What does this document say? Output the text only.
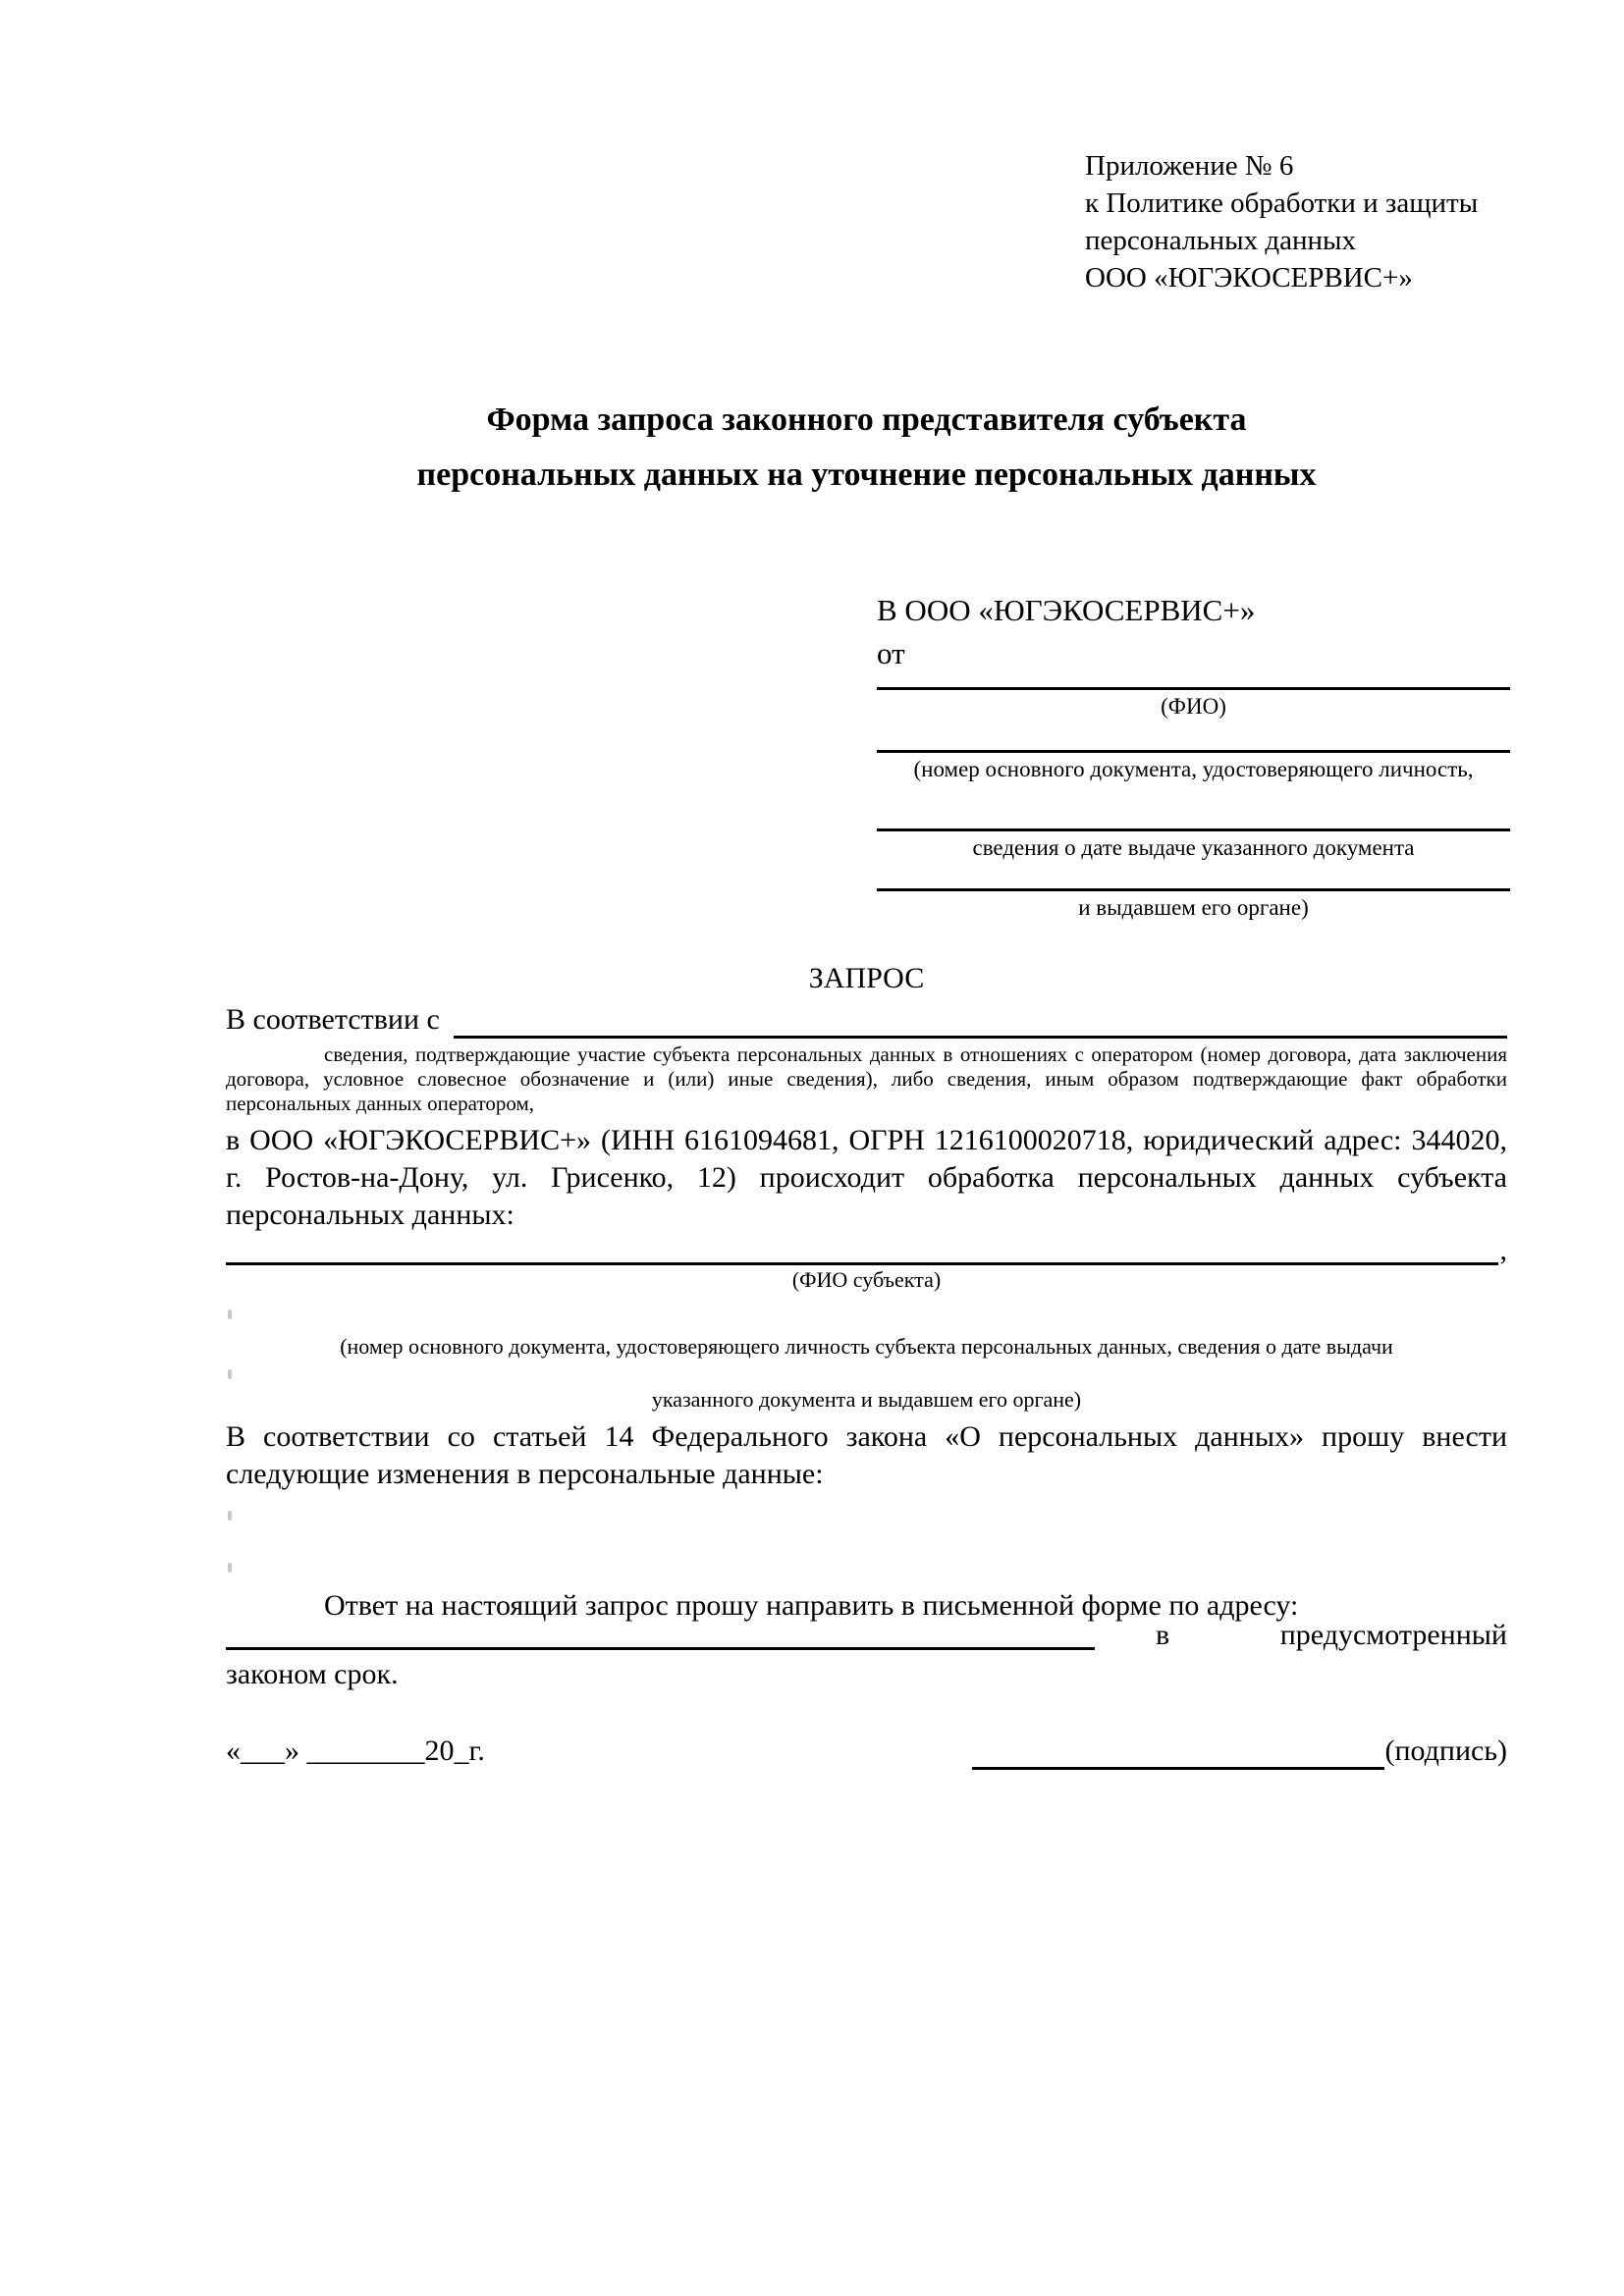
Приложение № 6
к Политике обработки и защиты
персональных данных
ООО «ЮГЭКОСЕРВИС+»
Форма запроса законного представителя субъекта
персональных данных на уточнение персональных данных
В ООО «ЮГЭКОСЕРВИС+»
от
(ФИО)
(номер основного документа, удостоверяющего личность,
сведения о дате выдаче указанного документа
и выдавшем его органе)
ЗАПРОС
В соответствии с
сведения, подтверждающие участие субъекта персональных данных в отношениях с оператором (номер договора, дата заключения договора, условное словесное обозначение и (или) иные сведения), либо сведения, иным образом подтверждающие факт обработки персональных данных оператором,
в ООО «ЮГЭКОСЕРВИС+» (ИНН 6161094681, ОГРН 1216100020718, юридический адрес: 344020, г. Ростов-на-Дону, ул. Грисенко, 12) происходит обработка персональных данных субъекта персональных данных:
,
(ФИО субъекта)
(номер основного документа, удостоверяющего личность субъекта персональных данных, сведения о дате выдачи
указанного документа и выдавшем его органе)
В соответствии со статьей 14 Федерального закона «О персональных данных» прошу внести следующие изменения в персональные данные:
Ответ на настоящий запрос прошу направить в письменной форме по адресу:
в	предусмотренный
законом срок.
«___» ________20_г.	(подпись)
